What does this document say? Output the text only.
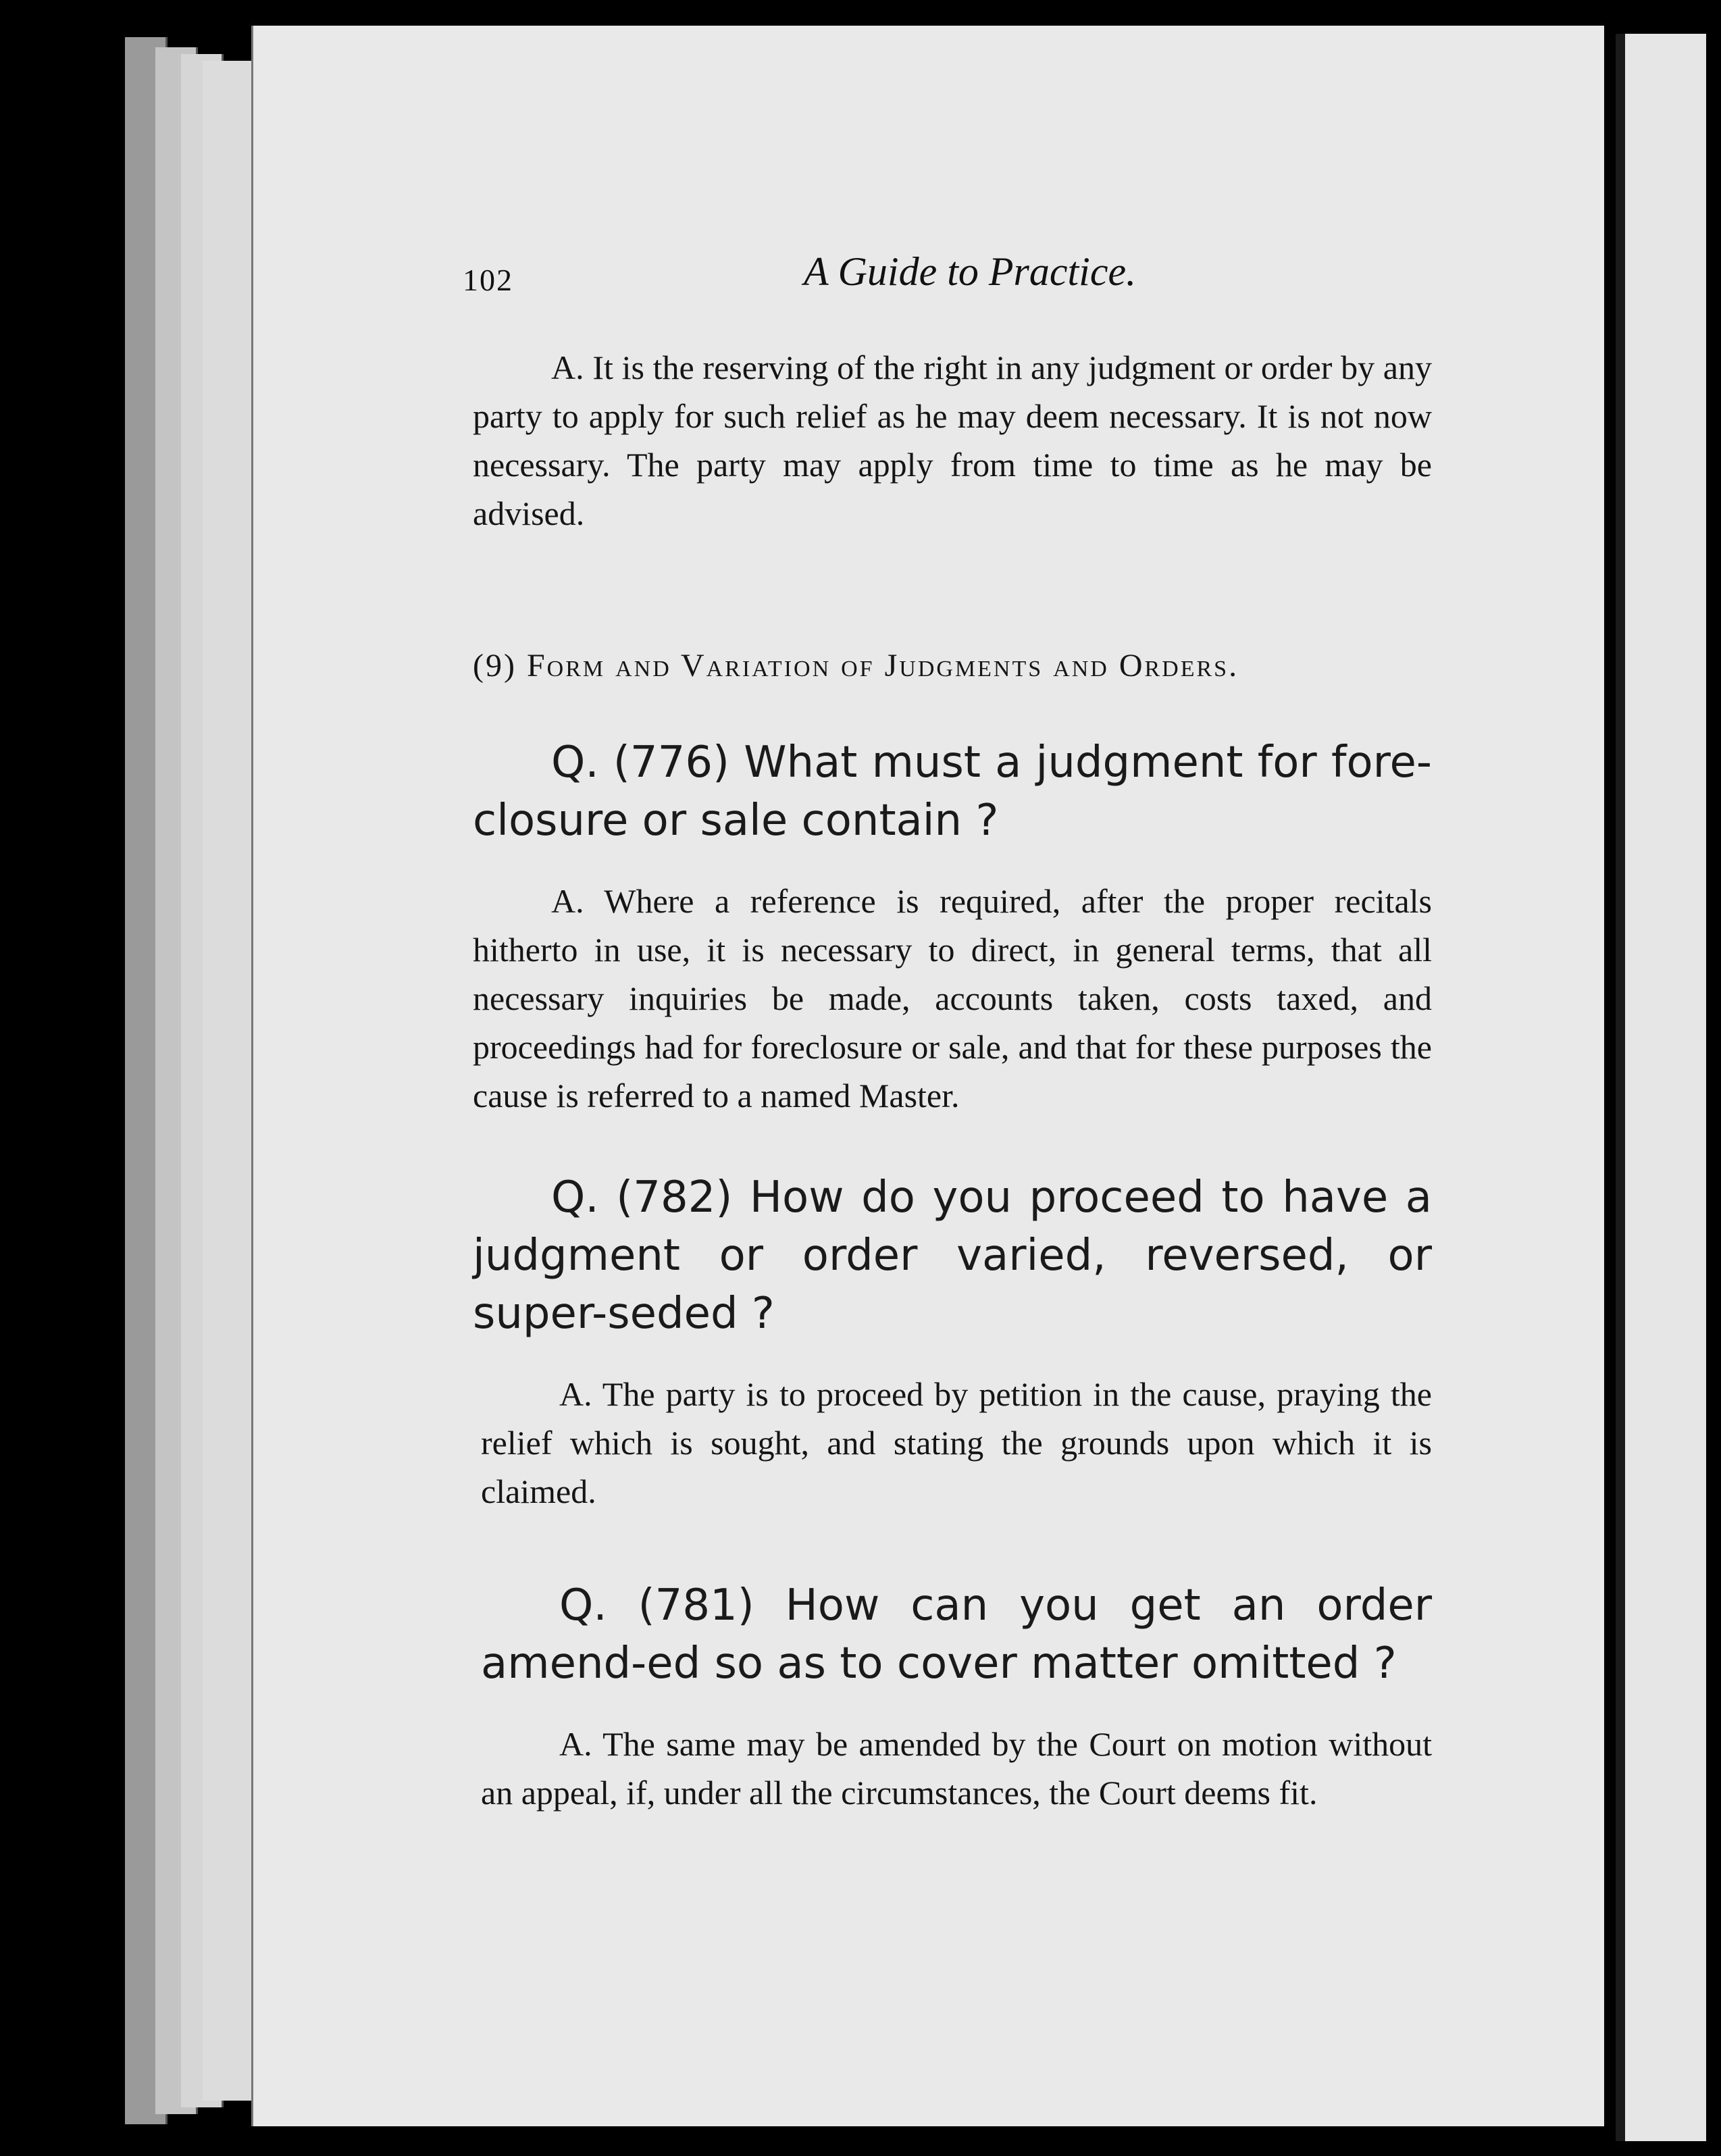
102	A Guide to Practice.

A. It is the reserving of the right in any judgment or order by any party to apply for such relief as he may deem necessary. It is not now necessary. The party may apply from time to time as he may be advised.

(9) Form and Variation of Judgments and Orders.

Q. (776) What must a judgment for fore-closure or sale contain ?

A. Where a reference is required, after the proper recitals hitherto in use, it is necessary to direct, in general terms, that all necessary inquiries be made, accounts taken, costs taxed, and proceedings had for foreclosure or sale, and that for these purposes the cause is referred to a named Master.

Q. (782) How do you proceed to have a judgment or order varied, reversed, or super-seded ?

A. The party is to proceed by petition in the cause, praying the relief which is sought, and stating the grounds upon which it is claimed.

Q. (781) How can you get an order amend-ed so as to cover matter omitted ?

A. The same may be amended by the Court on motion without an appeal, if, under all the circumstances, the Court deems fit.
